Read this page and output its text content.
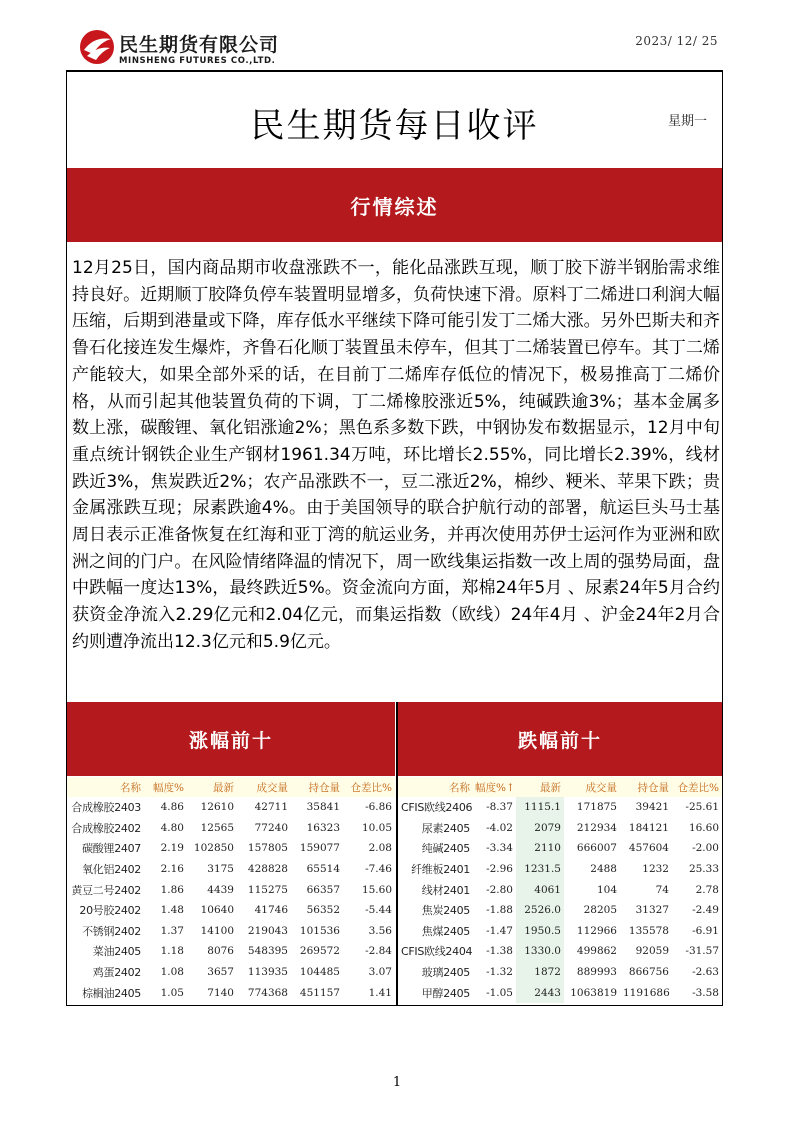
民生期货有限公司
MINSHENG FUTURES CO.,LTD.
2023/ 12/ 25
民生期货每日收评	星期一
行情综述
12月25日，国内商品期市收盘涨跌不一，能化品涨跌互现，顺丁胶下游半钢胎需求维持良好。近期顺丁胶降负停车装置明显增多，负荷快速下滑。原料丁二烯进口利润大幅压缩，后期到港量或下降，库存低水平继续下降可能引发丁二烯大涨。另外巴斯夫和齐鲁石化接连发生爆炸，齐鲁石化顺丁装置虽未停车，但其丁二烯装置已停车。其丁二烯产能较大，如果全部外采的话，在目前丁二烯库存低位的情况下，极易推高丁二烯价格，从而引起其他装置负荷的下调，丁二烯橡胶涨近5%，纯碱跌逾3%；基本金属多数上涨，碳酸锂、氧化铝涨逾2%；黑色系多数下跌，中钢协发布数据显示，12月中旬重点统计钢铁企业生产钢材1961.34万吨，环比增长2.55%，同比增长2.39%，线材跌近3%，焦炭跌近2%；农产品涨跌不一，豆二涨近2%，棉纱、粳米、苹果下跌；贵金属涨跌互现；尿素跌逾4%。由于美国领导的联合护航行动的部署，航运巨头马士基周日表示正准备恢复在红海和亚丁湾的航运业务，并再次使用苏伊士运河作为亚洲和欧洲之间的门户。在风险情绪降温的情况下，周一欧线集运指数一改上周的强势局面，盘中跌幅一度达13%，最终跌近5%。资金流向方面，郑棉24年5月 、尿素24年5月合约获资金净流入2.29亿元和2.04亿元，而集运指数（欧线）24年4月 、沪金24年2月合约则遭净流出12.3亿元和5.9亿元。
涨幅前十	跌幅前十
名称	幅度%	最新	成交量	持仓量	仓差比%
合成橡胶2403	4.86	12610	42711	35841	-6.86
合成橡胶2402	4.80	12565	77240	16323	10.05
碳酸锂2407	2.19	102850	157805	159077	2.08
氧化铝2402	2.16	3175	428828	65514	-7.46
黄豆二号2402	1.86	4439	115275	66357	15.60
20号胶2402	1.48	10640	41746	56352	-5.44
不锈钢2402	1.37	14100	219043	101536	3.56
菜油2405	1.18	8076	548395	269572	-2.84
鸡蛋2402	1.08	3657	113935	104485	3.07
棕榈油2405	1.05	7140	774368	451157	1.41
名称	幅度%↑	最新	成交量	持仓量	仓差比%
CFIS欧线2406	-8.37	1115.1	171875	39421	-25.61
尿素2405	-4.02	2079	212934	184121	16.60
纯碱2405	-3.34	2110	666007	457604	-2.00
纤维板2401	-2.96	1231.5	2488	1232	25.33
线材2401	-2.80	4061	104	74	2.78
焦炭2405	-1.88	2526.0	28205	31327	-2.49
焦煤2405	-1.47	1950.5	112966	135578	-6.91
CFIS欧线2404	-1.38	1330.0	499862	92059	-31.57
玻璃2405	-1.32	1872	889993	866756	-2.63
甲醇2405	-1.05	2443	1063819	1191686	-3.58
1
